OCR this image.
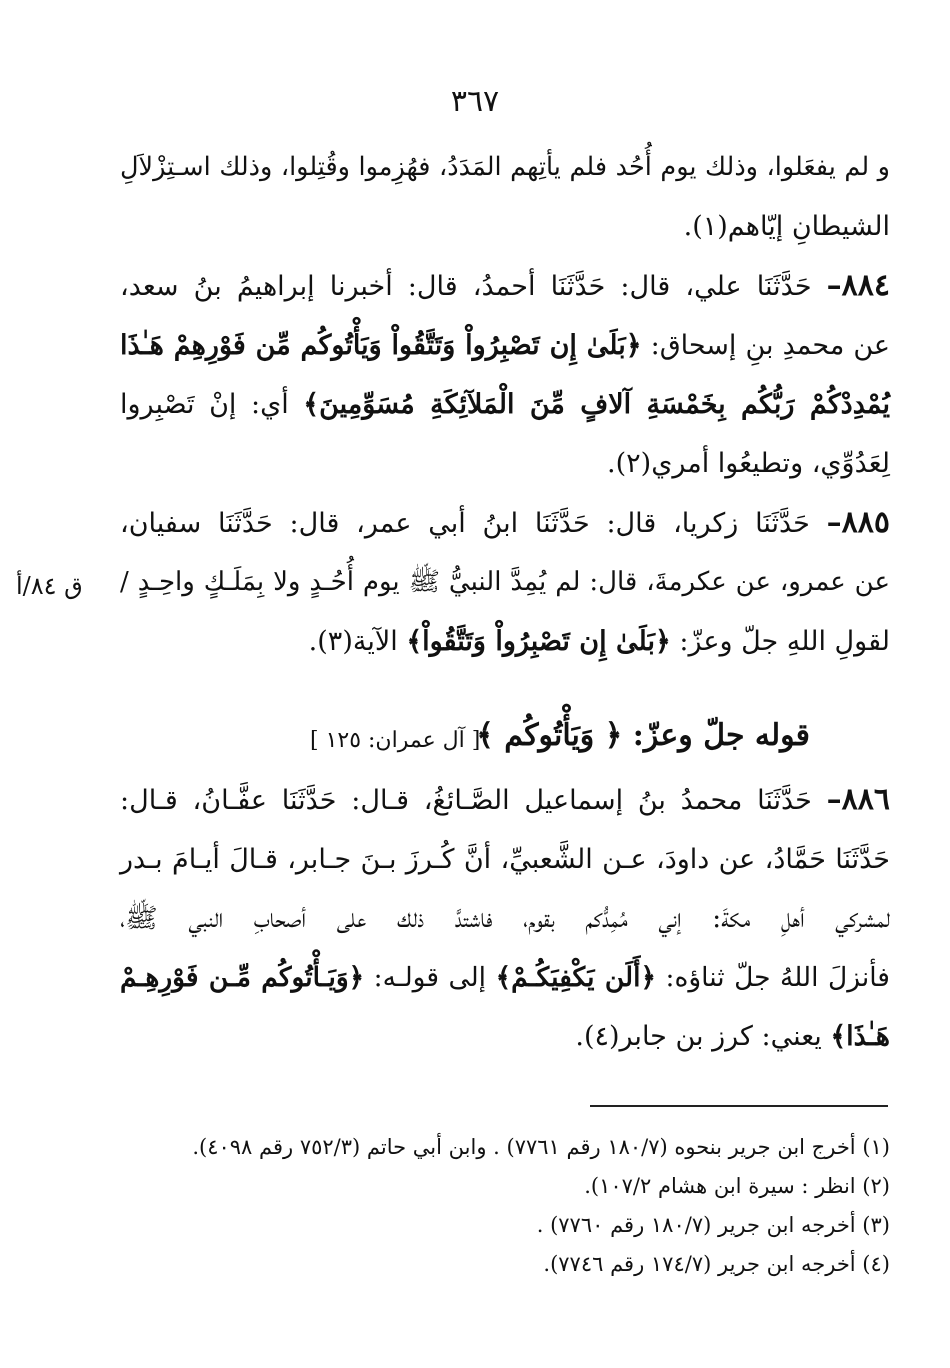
٣٦٧
و لم يفعَلوا، وذلك يوم أُحُد فلم يأتِهم المَدَدُ، فهُزِموا وقُتِلوا، وذلك اسـتِزْلاَلِ
الشيطانِ إيّاهم(١).
٨٨٤– حَدَّثَنَا علي، قال: حَدَّثَنَا أحمدُ، قال: أخبرنا إبراهيمُ بنُ سعد،
عن محمدِ بنِ إسحاق: ﴿بَلَىٰ إِن تَصْبِرُواْ وَتَتَّقُواْ وَيَأْتُوكُم مِّن فَوْرِهِمْ هَـٰذَا
يُمْدِدْكُمْ رَبُّكُم بِخَمْسَةِ آلافٍ مِّنَ الْمَلآئِكَةِ مُسَوِّمِينَ﴾ أي: إنْ تَصْبِروا
لِعَدُوِّي، وتطيعُوا أمري(٢).
٨٨٥– حَدَّثَنَا زكريا، قال: حَدَّثَنَا ابنُ أبي عمر، قال: حَدَّثَنَا سفيان،
عن عمرو، عن عكرمةَ، قال: لم يُمِدَّ النبيُّ ﷺ يوم أُحُـدٍ ولا بِمَلَـكٍ واحِـدٍ /
لقولِ اللهِ جلّ وعزّ: ﴿بَلَىٰ إِن تَصْبِرُواْ وَتَتَّقُواْ﴾ الآية(٣).
ق ٨٤/أ
قوله جلّ وعزّ: ﴿ وَيَأْتُوكُم ﴾
[ آل عمران: ١٢٥ ]
٨٨٦– حَدَّثَنَا محمدُ بنُ إسماعيل الصَّـائغُ، قـال: حَدَّثَنَا عفَّـانُ، قـال:
حَدَّثَنَا حَمَّادُ، عن داودَ، عـن الشَّعبيِّ، أنَّ كُـرزَ بـنَ جـابر، قـالَ أيـامَ بـدر
لمشركي أهلِ مكةَ: إني مُمِدُّكم بقوم، فاشتدَّ ذلك على أصحابِ النبي ﷺ،
فأنزلَ اللهُ جلّ ثناؤه: ﴿أَلَن يَكْفِيَكُـمْ﴾ إلى قولـه: ﴿وَيَـأْتُوكُم مِّـن فَوْرِهِـمْ
هَـٰذَا﴾ يعني: كرز بن جابر(٤).
(١) أخرج ابن جرير بنحوه (١٨٠/٧ رقم ٧٧٦١) . وابن أبي حاتم (٧٥٢/٣ رقم ٤٠٩٨).
(٢) انظر : سيرة ابن هشام ١٠٧/٢).
(٣) أخرجه ابن جرير (١٨٠/٧ رقم ٧٧٦٠) .
(٤) أخرجه ابن جرير (١٧٤/٧ رقم ٧٧٤٦).
